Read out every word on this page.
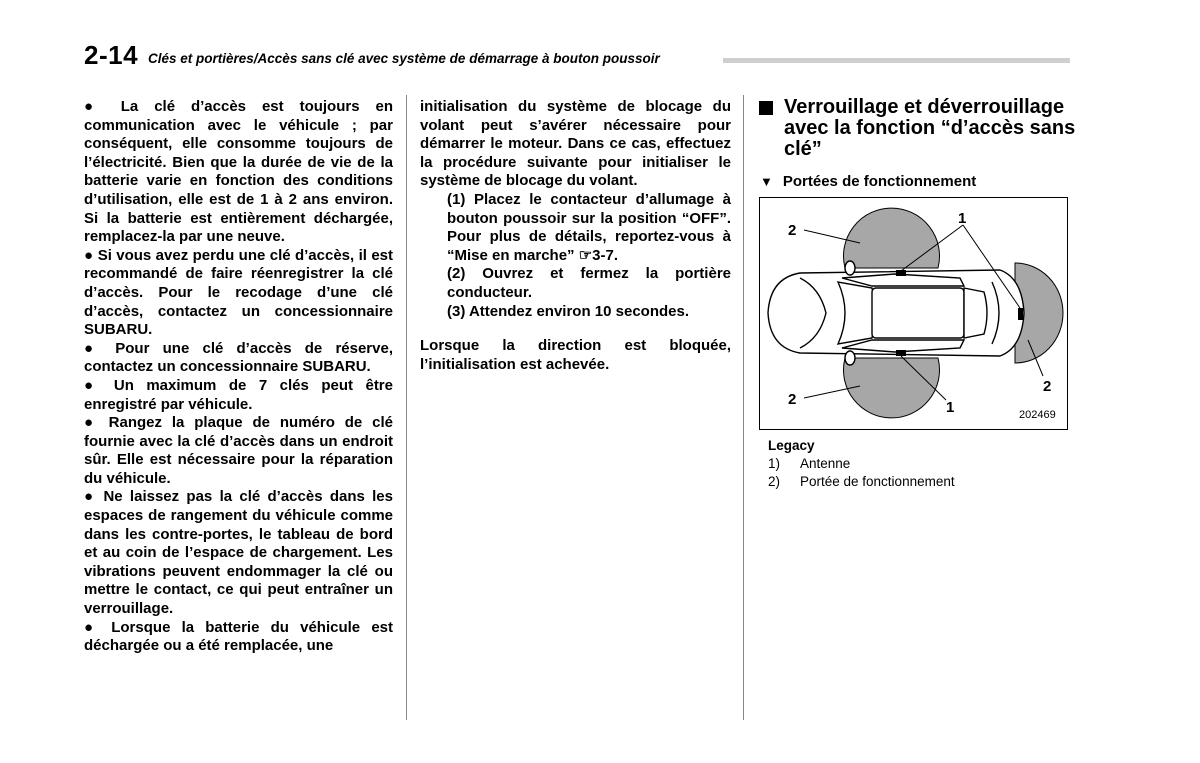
2-14 Clés et portières/Accès sans clé avec système de démarrage à bouton poussoir

● La clé d’accès est toujours en communication avec le véhicule ; par conséquent, elle consomme toujours de l’électricité. Bien que la durée de vie de la batterie varie en fonction des conditions d’utilisation, elle est de 1 à 2 ans environ. Si la batterie est entièrement déchargée, remplacez-la par une neuve.

● Si vous avez perdu une clé d’accès, il est recommandé de faire réenregistrer la clé d’accès. Pour le recodage d’une clé d’accès, contactez un concessionnaire SUBARU.

● Pour une clé d’accès de réserve, contactez un concessionnaire SUBARU.

● Un maximum de 7 clés peut être enregistré par véhicule.

● Rangez la plaque de numéro de clé fournie avec la clé d’accès dans un endroit sûr. Elle est nécessaire pour la réparation du véhicule.

● Ne laissez pas la clé d’accès dans les espaces de rangement du véhicule comme dans les contre-portes, le tableau de bord et au coin de l’espace de chargement. Les vibrations peuvent endommager la clé ou mettre le contact, ce qui peut entraîner un verrouillage.

● Lorsque la batterie du véhicule est déchargée ou a été remplacée, une

initialisation du système de blocage du volant peut s’avérer nécessaire pour démarrer le moteur. Dans ce cas, effectuez la procédure suivante pour initialiser le système de blocage du volant.

(1) Placez le contacteur d’allumage à bouton poussoir sur la position “OFF”. Pour plus de détails, reportez-vous à “Mise en marche” ☞3-7.

(2) Ouvrez et fermez la portière conducteur.

(3) Attendez environ 10 secondes.

Lorsque la direction est bloquée, l’initialisation est achevée.

Verrouillage et déverrouillage avec la fonction “d’accès sans clé”
▼ Portées de fonctionnement
1
1
2
2
2
202469
Legacy
1)	Antenne
2)	Portée de fonctionnement
